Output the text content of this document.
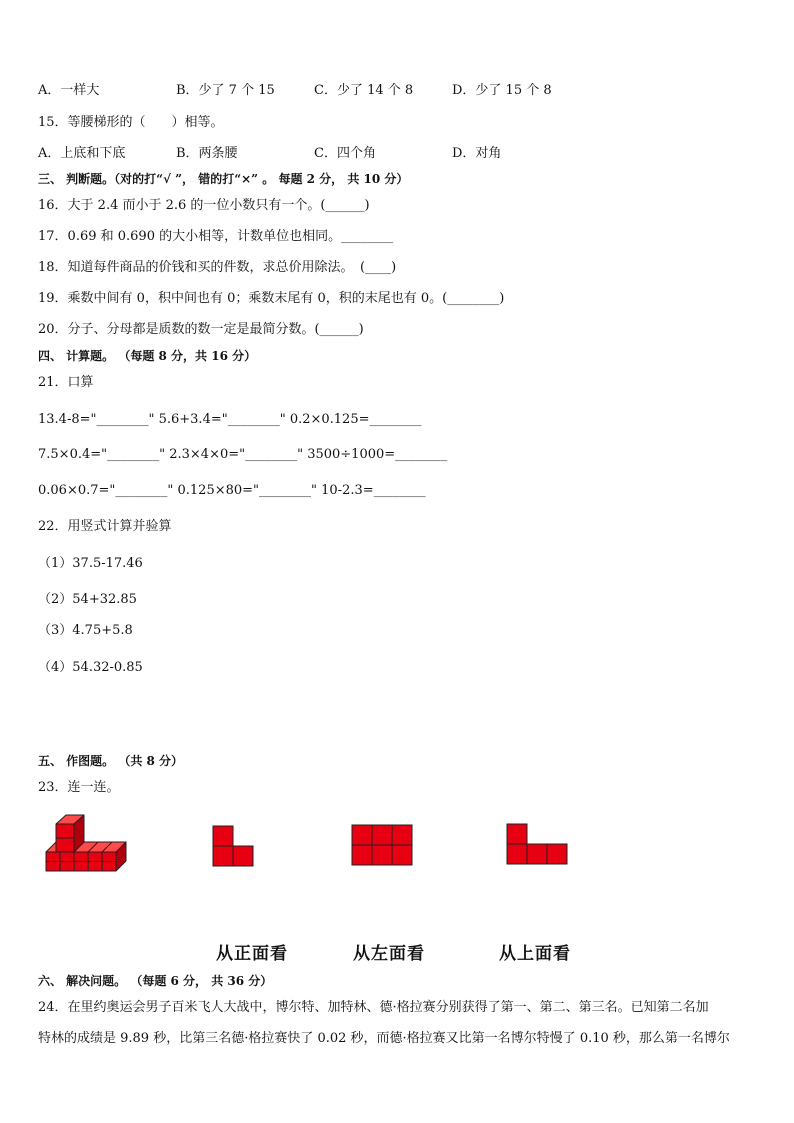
A．一样大	B．少了 7 个 15	C．少了 14 个 8	D．少了 15 个 8
15．等腰梯形的（　　）相等。
A．上底和下底	B．两条腰	C．四个角	D．对角
三、 判断题。（对的打“√ ”， 错的打“×” 。 每题 2 分， 共 10 分）
16．大于 2.4 而小于 2.6 的一位小数只有一个。(______)
17．0.69 和 0.690 的大小相等，计数单位也相同。________
18．知道每件商品的价钱和买的件数，求总价用除法。　(____)
19．乘数中间有 0，积中间也有 0；乘数末尾有 0，积的末尾也有 0。(________)
20．分子、分母都是质数的数一定是最简分数。(______)
四、 计算题。 （每题 8 分，共 16 分）
21．口算
13.4-8="________" 5.6+3.4="________" 0.2×0.125=________
7.5×0.4="________" 2.3×4×0="________" 3500÷1000=________
0.06×0.7="________" 0.125×80="________" 10-2.3=________
22．用竖式计算并验算
（1）37.5-17.46
（2）54+32.85
（3）4.75+5.8
（4）54.32-0.85
五、 作图题。 （共 8 分）
23．连一连。
从正面看	从左面看	从上面看
六、 解决问题。 （每题 6 分， 共 36 分）
24．在里约奥运会男子百米飞人大战中，博尔特、加特林、德·格拉赛分别获得了第一、第二、第三名。已知第二名加
特林的成绩是 9.89 秒，比第三名德·格拉赛快了 0.02 秒，而德·格拉赛又比第一名博尔特慢了 0.10 秒，那么第一名博尔
